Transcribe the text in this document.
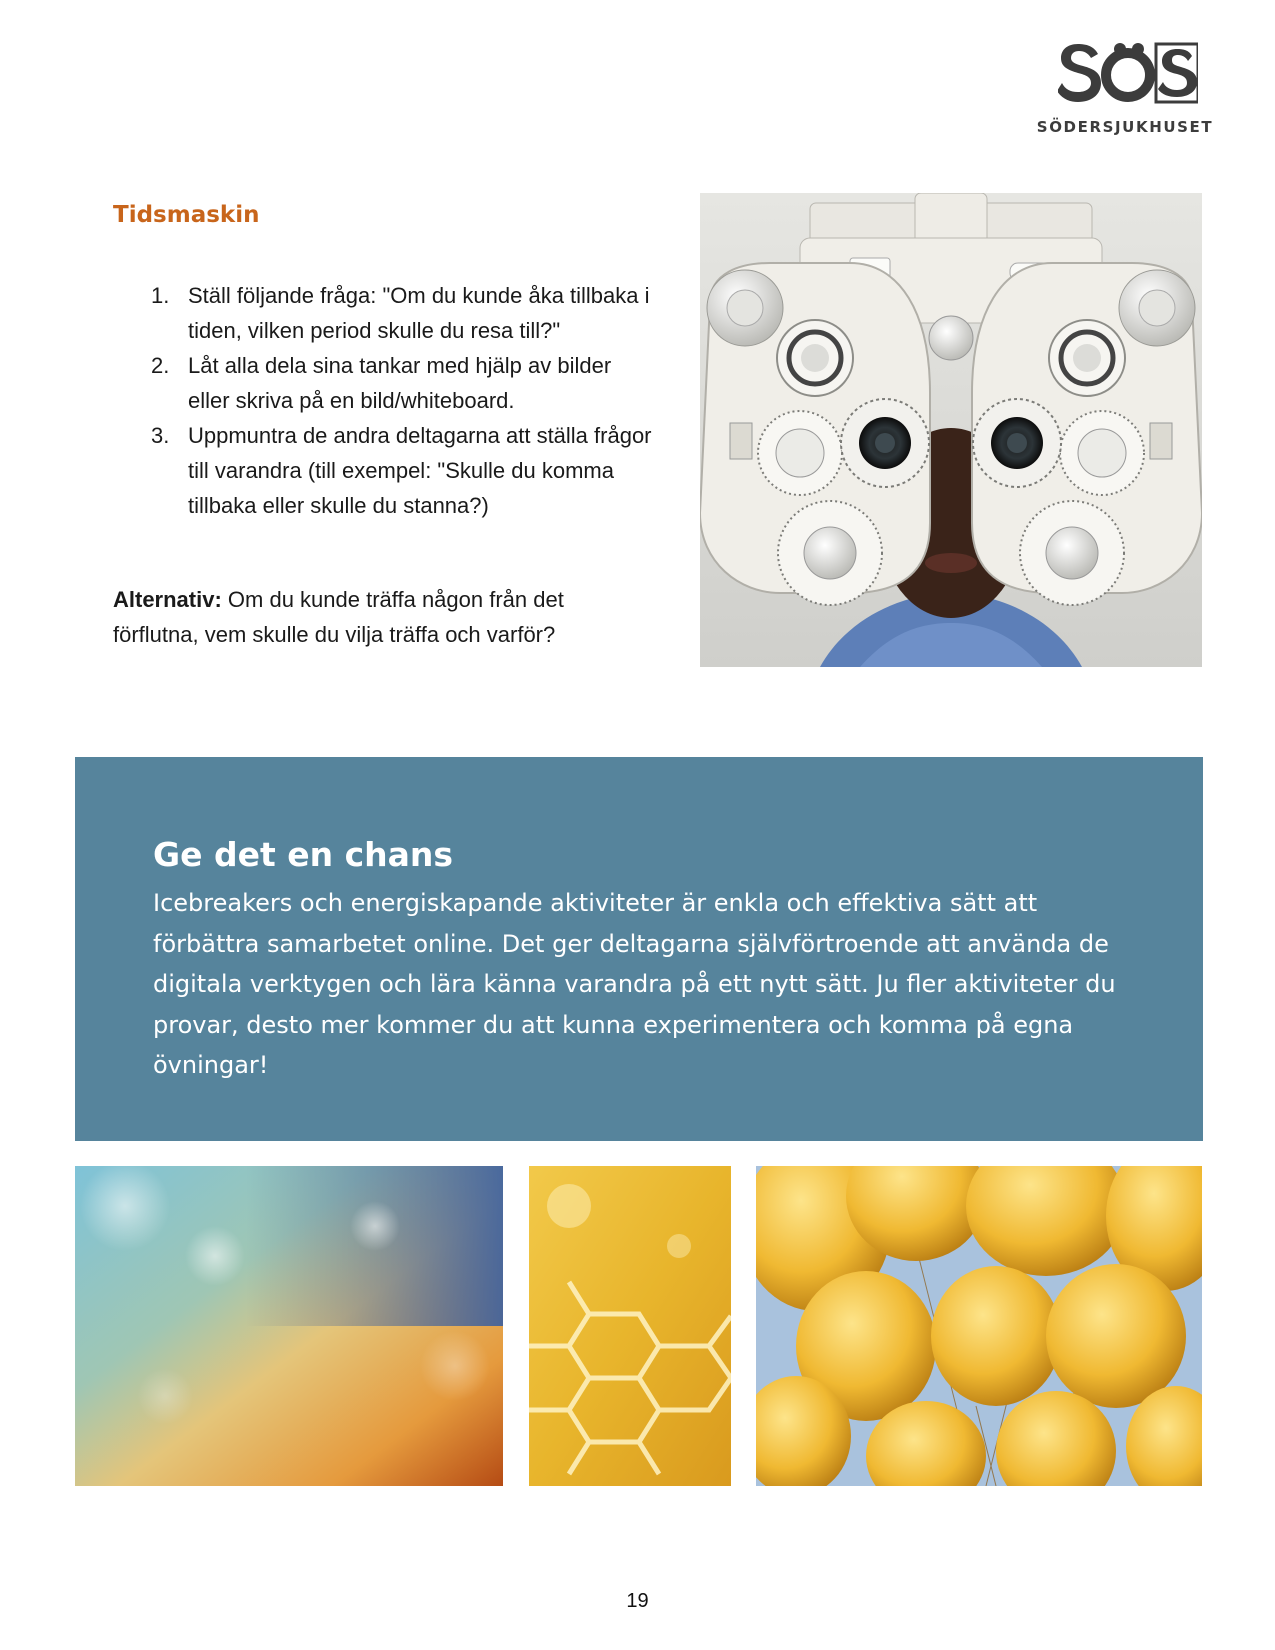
SÖDERSJUKHUSET
Tidsmaskin
1. Ställ följande fråga: "Om du kunde åka tillbaka i tiden, vilken period skulle du resa till?"
2. Låt alla dela sina tankar med hjälp av bilder eller skriva på en bild/whiteboard.
3. Uppmuntra de andra deltagarna att ställa frågor till varandra (till exempel: "Skulle du komma tillbaka eller skulle du stanna?)
Alternativ: Om du kunde träffa någon från det förflutna, vem skulle du vilja träffa och varför?
Ge det en chans
Icebreakers och energiskapande aktiviteter är enkla och effektiva sätt att förbättra samarbetet online. Det ger deltagarna självförtroende att använda de digitala verktygen och lära känna varandra på ett nytt sätt. Ju fler aktiviteter du provar, desto mer kommer du att kunna experimentera och komma på egna övningar!
19
